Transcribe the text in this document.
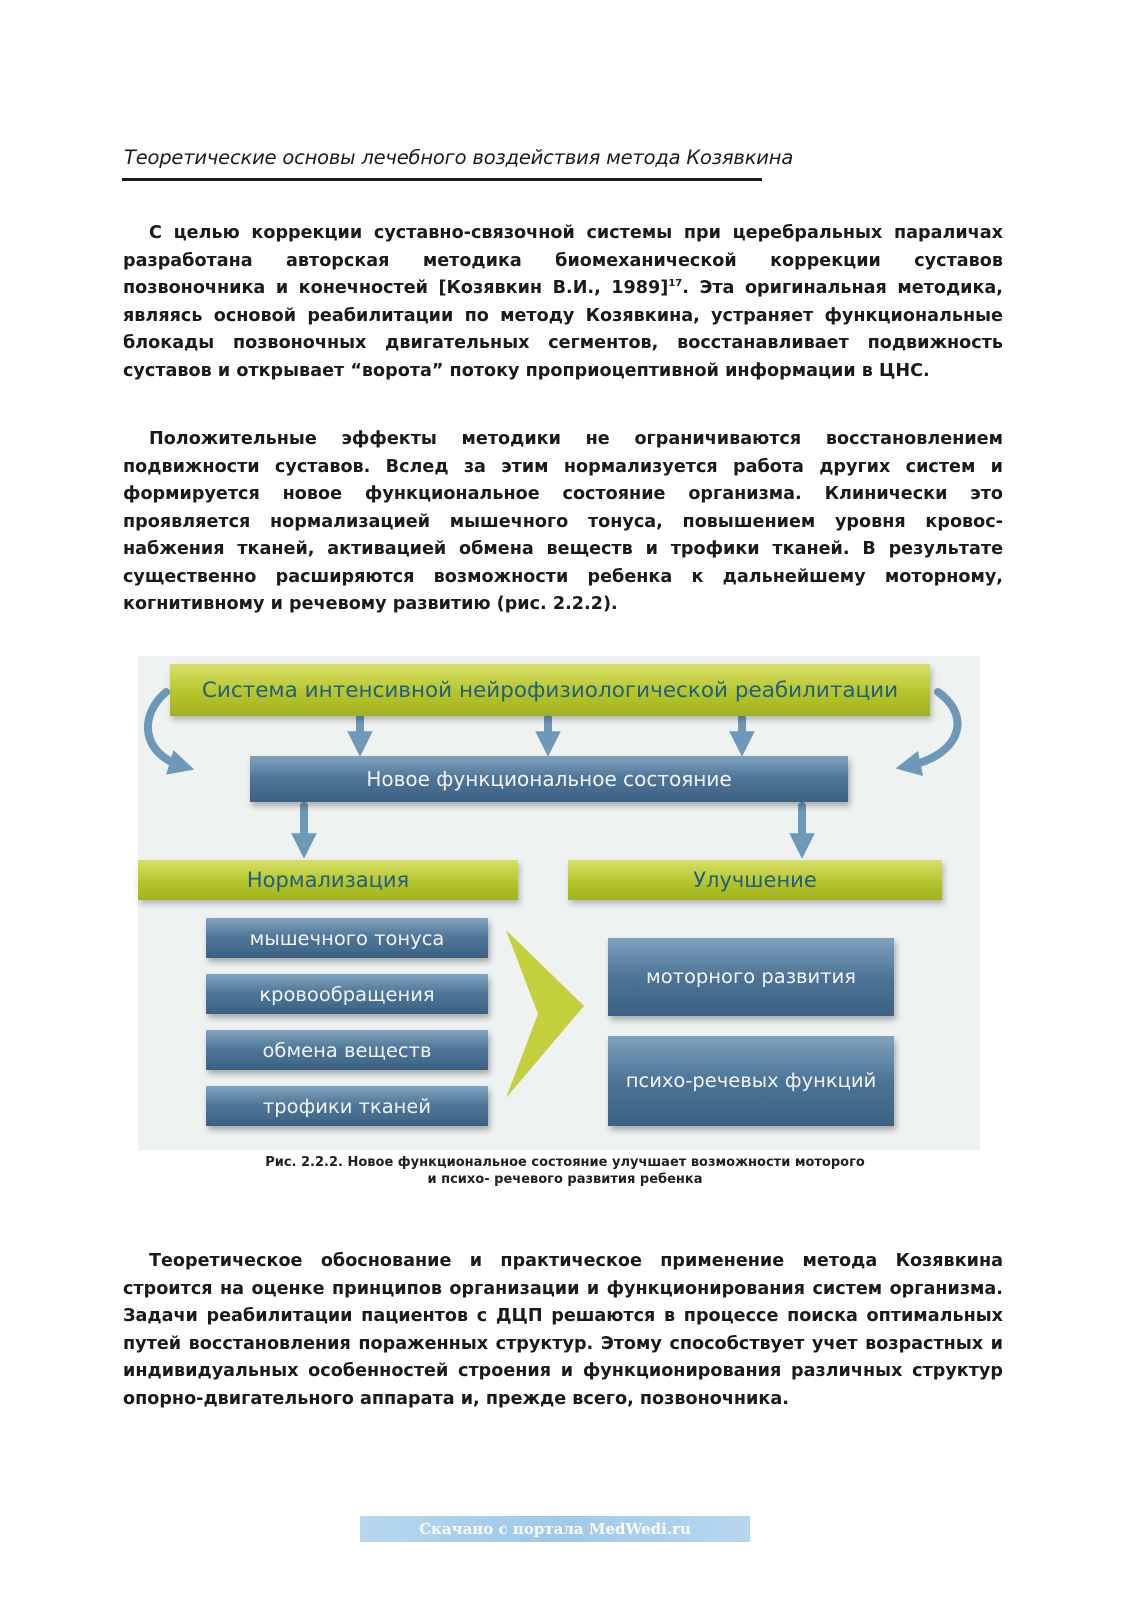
Теоретические основы лечебного воздействия метода Козявкина

С целью коррекции суставно-связочной системы при церебральных параличах разработана авторская методика биомеханической коррекции суставов позвоночника и конечностей [Козявкин В.И., 1989]$^{17}$. Эта оригинальная методика, являясь основой реабилитации по методу Козявкина, устраняет функциональные блокады позвоночных двигательных сегментов, восстанавливает подвижность суставов и открывает “ворота” потоку проприоцептивной информации в ЦНС.

Положительные эффекты методики не ограничиваются восстановлением подвижности суставов. Вслед за этим нормализуется работа других систем и формируется новое функциональное состояние организма. Клинически это проявляется нормализацией мышечного тонуса, повышением уровня кровоснабжения тканей, активацией обмена веществ и трофики тканей. В результате существенно расширяются возможности ребенка к дальнейшему моторному, когнитивному и речевому развитию (рис. 2.2.2).

Система интенсивной нейрофизиологической реабилитации
Новое функциональное состояние
Нормализация	Улучшение
мышечного тонуса
кровообращения
обмена веществ
трофики тканей
моторного развития
психо-речевых функций
Рис. 2.2.2. Новое функциональное состояние улучшает возможности моторого
и психо- речевого развития ребенка

Теоретическое обоснование и практическое применение метода Козявкина строится на оценке принципов организации и функционирования систем организма. Задачи реабилитации пациентов с ДЦП решаются в процессе поиска оптимальных путей восстановления пораженных структур. Этому способствует учет возрастных и индивидуальных особенностей строения и функционирования различных структур опорно-двигательного аппарата и, прежде всего, позвоночника.

Скачано с портала MedWedi.ru
